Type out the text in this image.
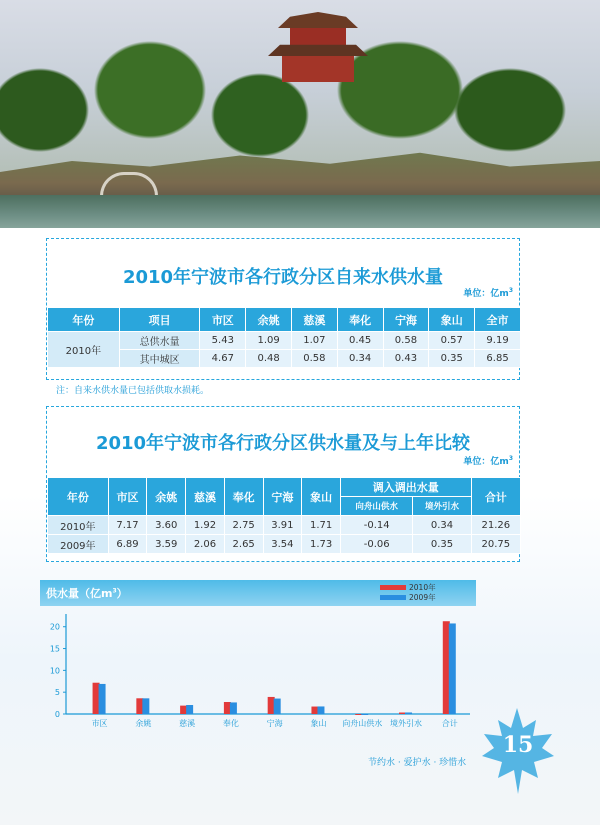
2010年宁波市各行政分区自来水供水量
单位：亿$m^3$
年份	项目	市区	余姚	慈溪	奉化	宁海	象山	全市
2010年	总供水量	5.43	1.09	1.07	0.45	0.58	0.57	9.19
	其中城区	4.67	0.48	0.58	0.34	0.43	0.35	6.85
注：自来水供水量已包括供取水损耗。
2010年宁波市各行政分区供水量及与上年比较
单位：亿$m^3$
年份	市区	余姚	慈溪	奉化	宁海	象山	调入调出水量		合计
							向舟山供水	境外引水	
2010年	7.17	3.60	1.92	2.75	3.91	1.71	-0.14	0.34	21.26
2009年	6.89	3.59	2.06	2.65	3.54	1.73	-0.06	0.35	20.75
供水量（亿$m^3$）	2010年
2009年
0
5
10
15
20
市区	余姚	慈溪	奉化	宁海	象山 向舟山供水 境外引水 合计
节约水 · 爱护水 · 珍惜水
15
